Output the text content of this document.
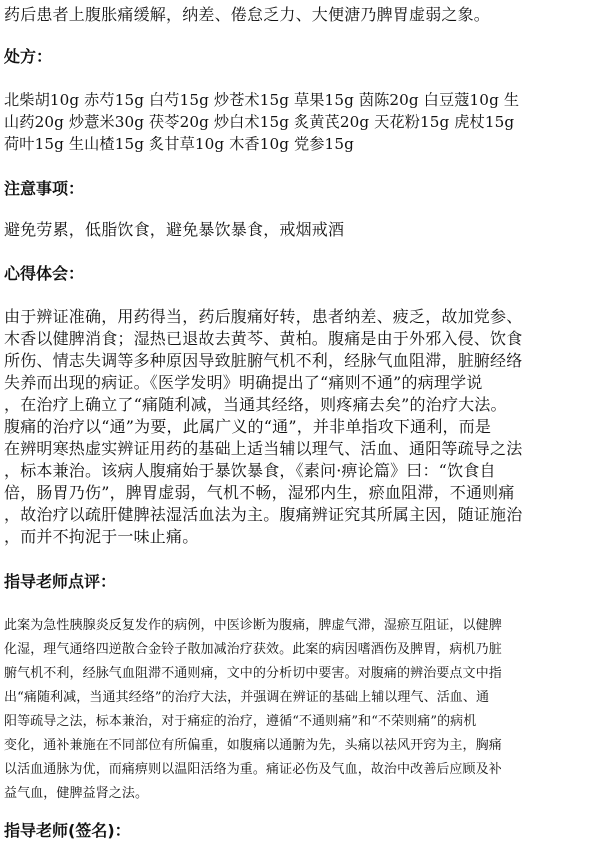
药后患者上腹胀痛缓解，纳差、倦怠乏力、大便溏乃脾胃虚弱之象。

处方：

北柴胡10g 赤芍15g 白芍15g 炒苍术15g 草果15g 茵陈20g 白豆蔻10g 生

山药20g 炒薏米30g 茯苓20g 炒白术15g 炙黄芪20g 天花粉15g 虎杖15g

荷叶15g 生山楂15g 炙甘草10g 木香10g 党参15g

注意事项：

避免劳累，低脂饮食，避免暴饮暴食，戒烟戒酒

心得体会：

由于辨证准确，用药得当，药后腹痛好转，患者纳差、疲乏，故加党参、

木香以健脾消食；湿热已退故去黄芩、黄柏。腹痛是由于外邪入侵、饮食

所伤、情志失调等多种原因导致脏腑气机不利，经脉气血阻滞，脏腑经络

失养而出现的病证。《医学发明》明确提出了“痛则不通”的病理学说

，在治疗上确立了“痛随利减，当通其经络，则疼痛去矣”的治疗大法。

腹痛的治疗以“通”为要，此属广义的“通”，并非单指攻下通利，而是

在辨明寒热虚实辨证用药的基础上适当辅以理气、活血、通阳等疏导之法

，标本兼治。该病人腹痛始于暴饮暴食，《素问·痹论篇》曰：“饮食自

倍，肠胃乃伤”，脾胃虚弱，气机不畅，湿邪内生，瘀血阻滞，不通则痛

，故治疗以疏肝健脾祛湿活血法为主。腹痛辨证究其所属主因，随证施治

，而并不拘泥于一味止痛。

指导老师点评：

此案为急性胰腺炎反复发作的病例，中医诊断为腹痛，脾虚气滞，湿瘀互阻证，以健脾

化湿，理气通络四逆散合金铃子散加减治疗获效。此案的病因嗜酒伤及脾胃，病机乃脏

腑气机不利，经脉气血阻滞不通则痛，文中的分析切中要害。对腹痛的辨治要点文中指

出“痛随利减，当通其经络”的治疗大法，并强调在辨证的基础上辅以理气、活血、通

阳等疏导之法，标本兼治，对于痛症的治疗，遵循“不通则痛”和“不荣则痛”的病机

变化，通补兼施在不同部位有所偏重，如腹痛以通腑为先，头痛以祛风开窍为主，胸痛

以活血通脉为优，而痛痹则以温阳活络为重。痛证必伤及气血，故治中改善后应顾及补

益气血，健脾益肾之法。

指导老师(签名)：
